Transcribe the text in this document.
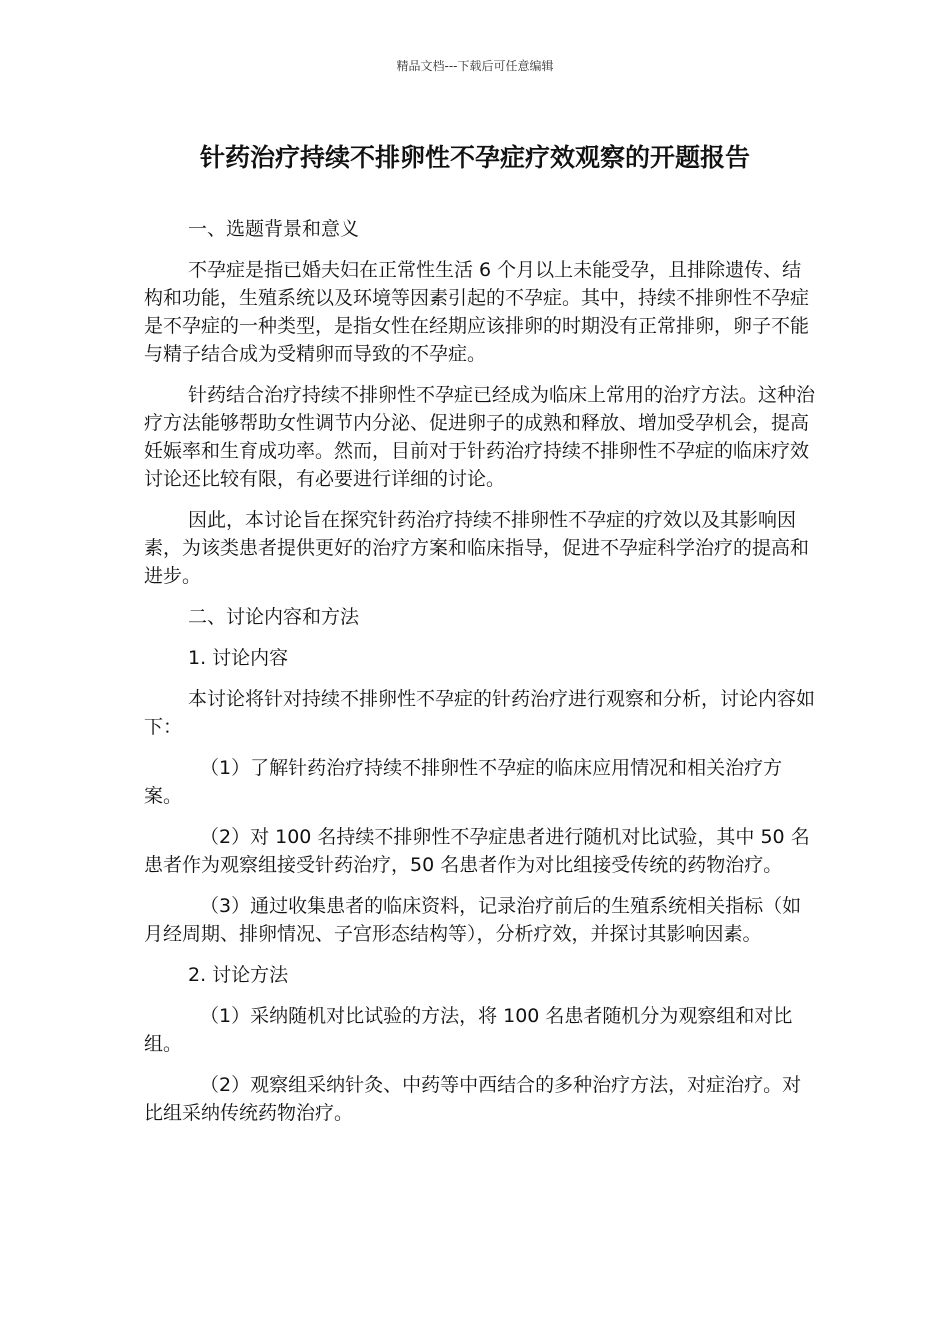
精品文档---下载后可任意编辑
针药治疗持续不排卵性不孕症疗效观察的开题报告

一、选题背景和意义

不孕症是指已婚夫妇在正常性生活 6 个月以上未能受孕，且排除遗传、结构和功能，生殖系统以及环境等因素引起的不孕症。其中，持续不排卵性不孕症是不孕症的一种类型，是指女性在经期应该排卵的时期没有正常排卵，卵子不能与精子结合成为受精卵而导致的不孕症。

针药结合治疗持续不排卵性不孕症已经成为临床上常用的治疗方法。这种治疗方法能够帮助女性调节内分泌、促进卵子的成熟和释放、增加受孕机会，提高妊娠率和生育成功率。然而，目前对于针药治疗持续不排卵性不孕症的临床疗效讨论还比较有限，有必要进行详细的讨论。

因此，本讨论旨在探究针药治疗持续不排卵性不孕症的疗效以及其影响因素，为该类患者提供更好的治疗方案和临床指导，促进不孕症科学治疗的提高和进步。

二、讨论内容和方法

1. 讨论内容

本讨论将针对持续不排卵性不孕症的针药治疗进行观察和分析，讨论内容如下：

（1）了解针药治疗持续不排卵性不孕症的临床应用情况和相关治疗方案。

（2）对 100 名持续不排卵性不孕症患者进行随机对比试验，其中 50 名患者作为观察组接受针药治疗，50 名患者作为对比组接受传统的药物治疗。

（3）通过收集患者的临床资料，记录治疗前后的生殖系统相关指标（如月经周期、排卵情况、子宫形态结构等），分析疗效，并探讨其影响因素。

2. 讨论方法

（1）采纳随机对比试验的方法，将 100 名患者随机分为观察组和对比组。

（2）观察组采纳针灸、中药等中西结合的多种治疗方法，对症治疗。对比组采纳传统药物治疗。
